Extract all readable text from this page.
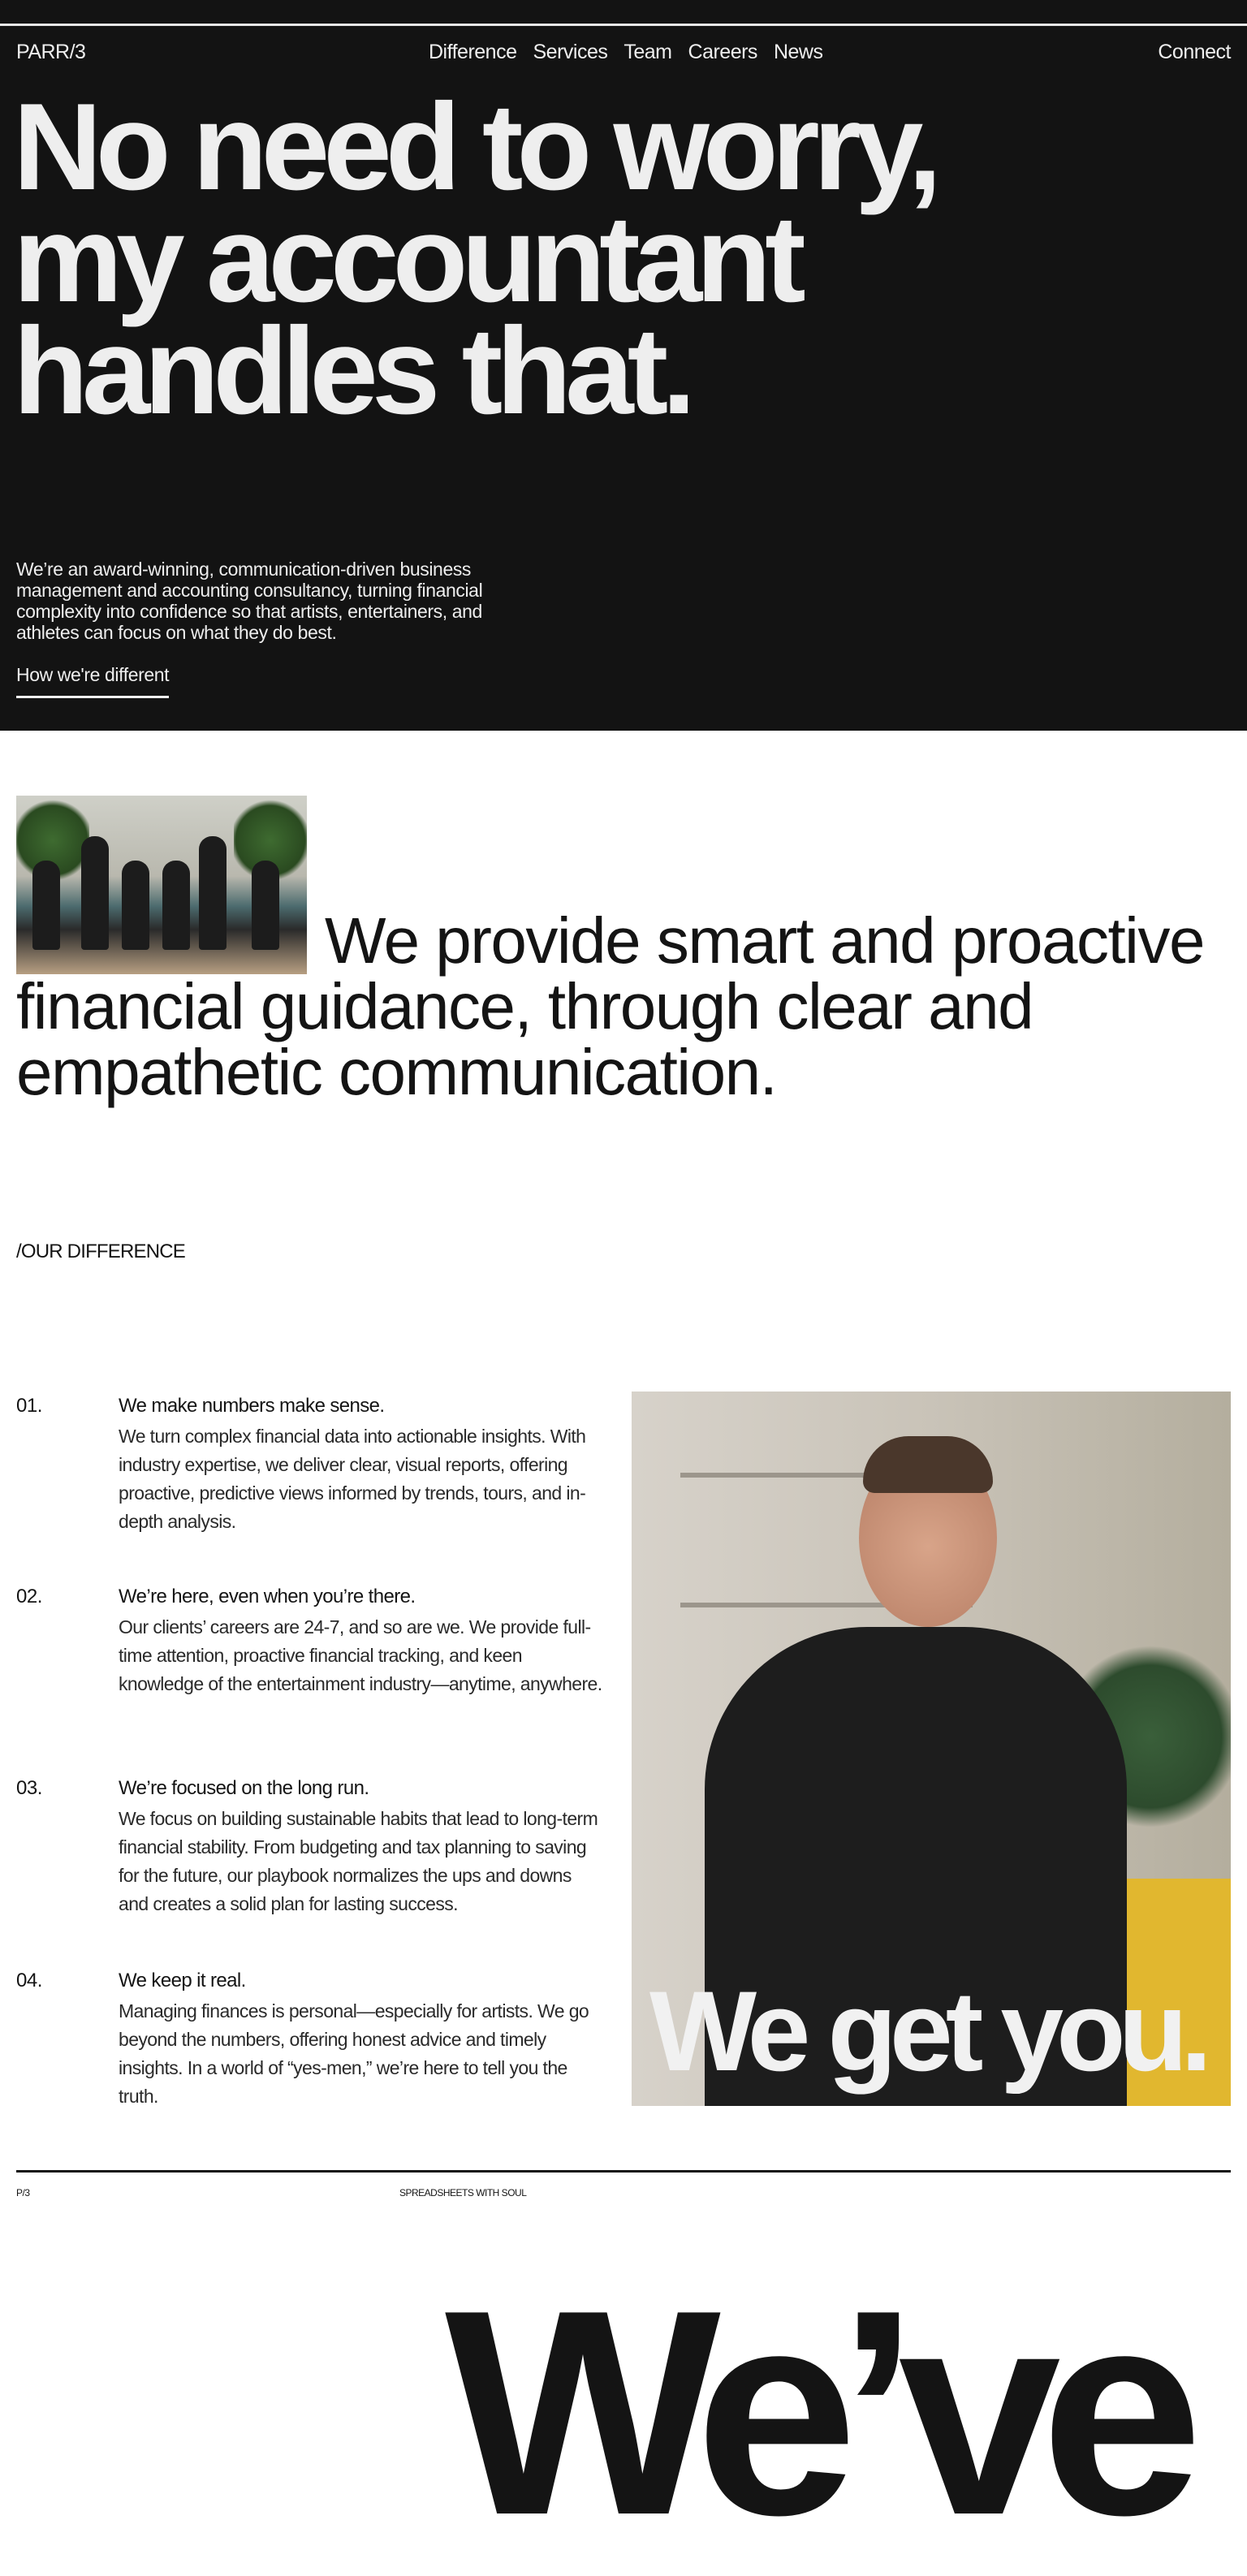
PARR/3	Difference Services Team Careers News	Connect
No need to worry,
my accountant
handles that.

We’re an award-winning, communication-driven business management and accounting consultancy, turning financial complexity into confidence so that artists, entertainers, and athletes can focus on what they do best.

How we're different
We provide smart and proactive financial guidance, through clear and empathetic communication.
/OUR DIFFERENCE
01.	We make numbers make sense.

We turn complex financial data into actionable insights. With industry expertise, we deliver clear, visual reports, offering proactive, predictive views informed by trends, tours, and in-depth analysis.

02.	We’re here, even when you’re there.

Our clients’ careers are 24-7, and so are we. We provide full-time attention, proactive financial tracking, and keen knowledge of the entertainment industry—anytime, anywhere.

03.	We’re focused on the long run.

We focus on building sustainable habits that lead to long-term financial stability. From budgeting and tax planning to saving for the future, our playbook normalizes the ups and downs and creates a solid plan for lasting success.

04.	We keep it real.

Managing finances is personal—especially for artists. We go beyond the numbers, offering honest advice and timely insights. In a world of “yes-men,” we’re here to tell you the truth.

We get you.
P/3	SPREADSHEETS WITH SOUL
We’ve
